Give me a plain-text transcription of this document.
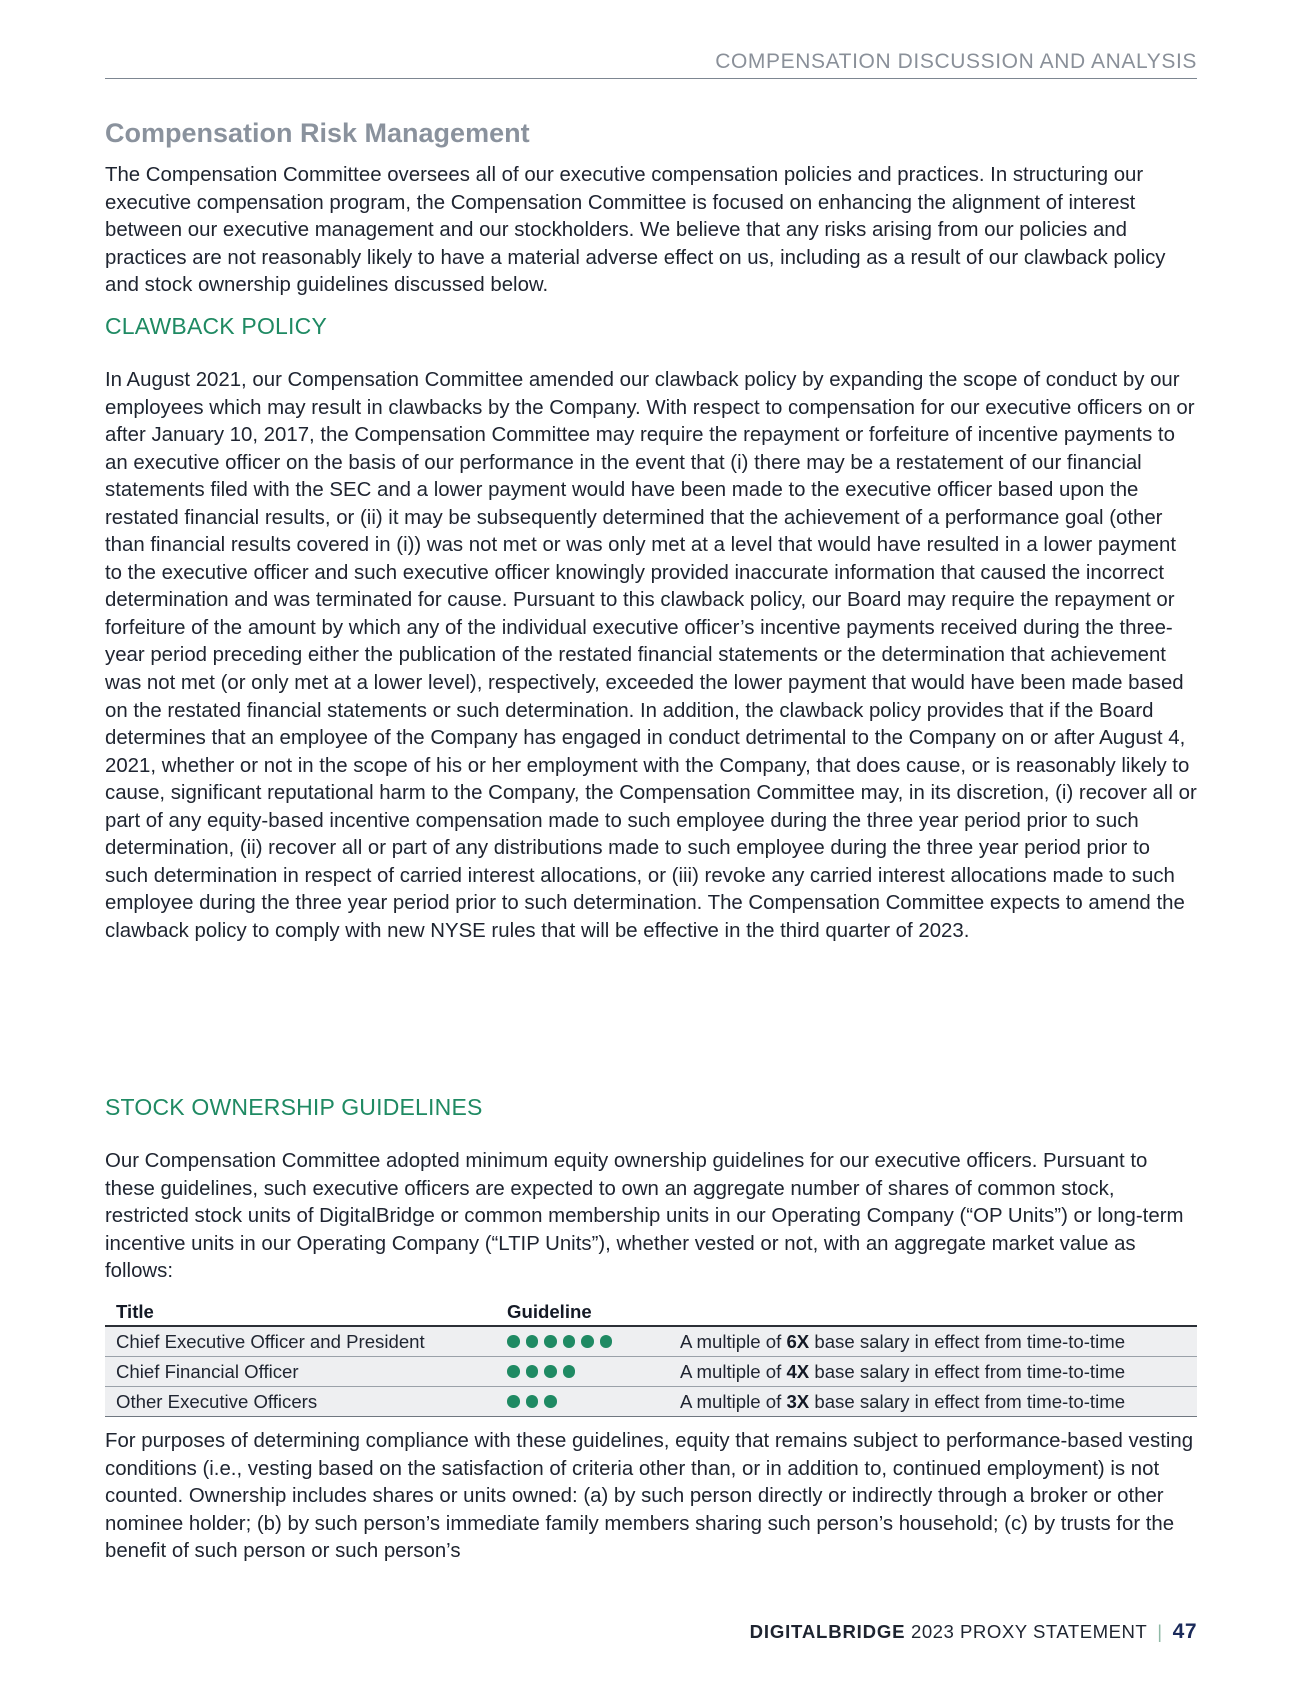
COMPENSATION DISCUSSION AND ANALYSIS
Compensation Risk Management

The Compensation Committee oversees all of our executive compensation policies and practices. In structuring our executive compensation program, the Compensation Committee is focused on enhancing the alignment of interest between our executive management and our stockholders. We believe that any risks arising from our policies and practices are not reasonably likely to have a material adverse effect on us, including as a result of our clawback policy and stock ownership guidelines discussed below.

CLAWBACK POLICY

In August 2021, our Compensation Committee amended our clawback policy by expanding the scope of conduct by our employees which may result in clawbacks by the Company. With respect to compensation for our executive officers on or after January 10, 2017, the Compensation Committee may require the repayment or forfeiture of incentive payments to an executive officer on the basis of our performance in the event that (i) there may be a restatement of our financial statements filed with the SEC and a lower payment would have been made to the executive officer based upon the restated financial results, or (ii) it may be subsequently determined that the achievement of a performance goal (other than financial results covered in (i)) was not met or was only met at a level that would have resulted in a lower payment to the executive officer and such executive officer knowingly provided inaccurate information that caused the incorrect determination and was terminated for cause. Pursuant to this clawback policy, our Board may require the repayment or forfeiture of the amount by which any of the individual executive officer’s incentive payments received during the three-year period preceding either the publication of the restated financial statements or the determination that achievement was not met (or only met at a lower level), respectively, exceeded the lower payment that would have been made based on the restated financial statements or such determination. In addition, the clawback policy provides that if the Board determines that an employee of the Company has engaged in conduct detrimental to the Company on or after August 4, 2021, whether or not in the scope of his or her employment with the Company, that does cause, or is reasonably likely to cause, significant reputational harm to the Company, the Compensation Committee may, in its discretion, (i) recover all or part of any equity-based incentive compensation made to such employee during the three year period prior to such determination, (ii) recover all or part of any distributions made to such employee during the three year period prior to such determination in respect of carried interest allocations, or (iii) revoke any carried interest allocations made to such employee during the three year period prior to such determination. The Compensation Committee expects to amend the clawback policy to comply with new NYSE rules that will be effective in the third quarter of 2023.

STOCK OWNERSHIP GUIDELINES

Our Compensation Committee adopted minimum equity ownership guidelines for our executive officers. Pursuant to these guidelines, such executive officers are expected to own an aggregate number of shares of common stock, restricted stock units of DigitalBridge or common membership units in our Operating Company (“OP Units”) or long-term incentive units in our Operating Company (“LTIP Units”), whether vested or not, with an aggregate market value as follows:

Title	Guideline	
Chief Executive Officer and President		A multiple of 6X base salary in effect from time-to-time
Chief Financial Officer		A multiple of 4X base salary in effect from time-to-time
Other Executive Officers		A multiple of 3X base salary in effect from time-to-time

For purposes of determining compliance with these guidelines, equity that remains subject to performance-based vesting conditions (i.e., vesting based on the satisfaction of criteria other than, or in addition to, continued employment) is not counted. Ownership includes shares or units owned: (a) by such person directly or indirectly through a broker or other nominee holder; (b) by such person’s immediate family members sharing such person’s household; (c) by trusts for the benefit of such person or such person’s

DIGITALBRIDGE
2023 PROXY STATEMENT | 47
